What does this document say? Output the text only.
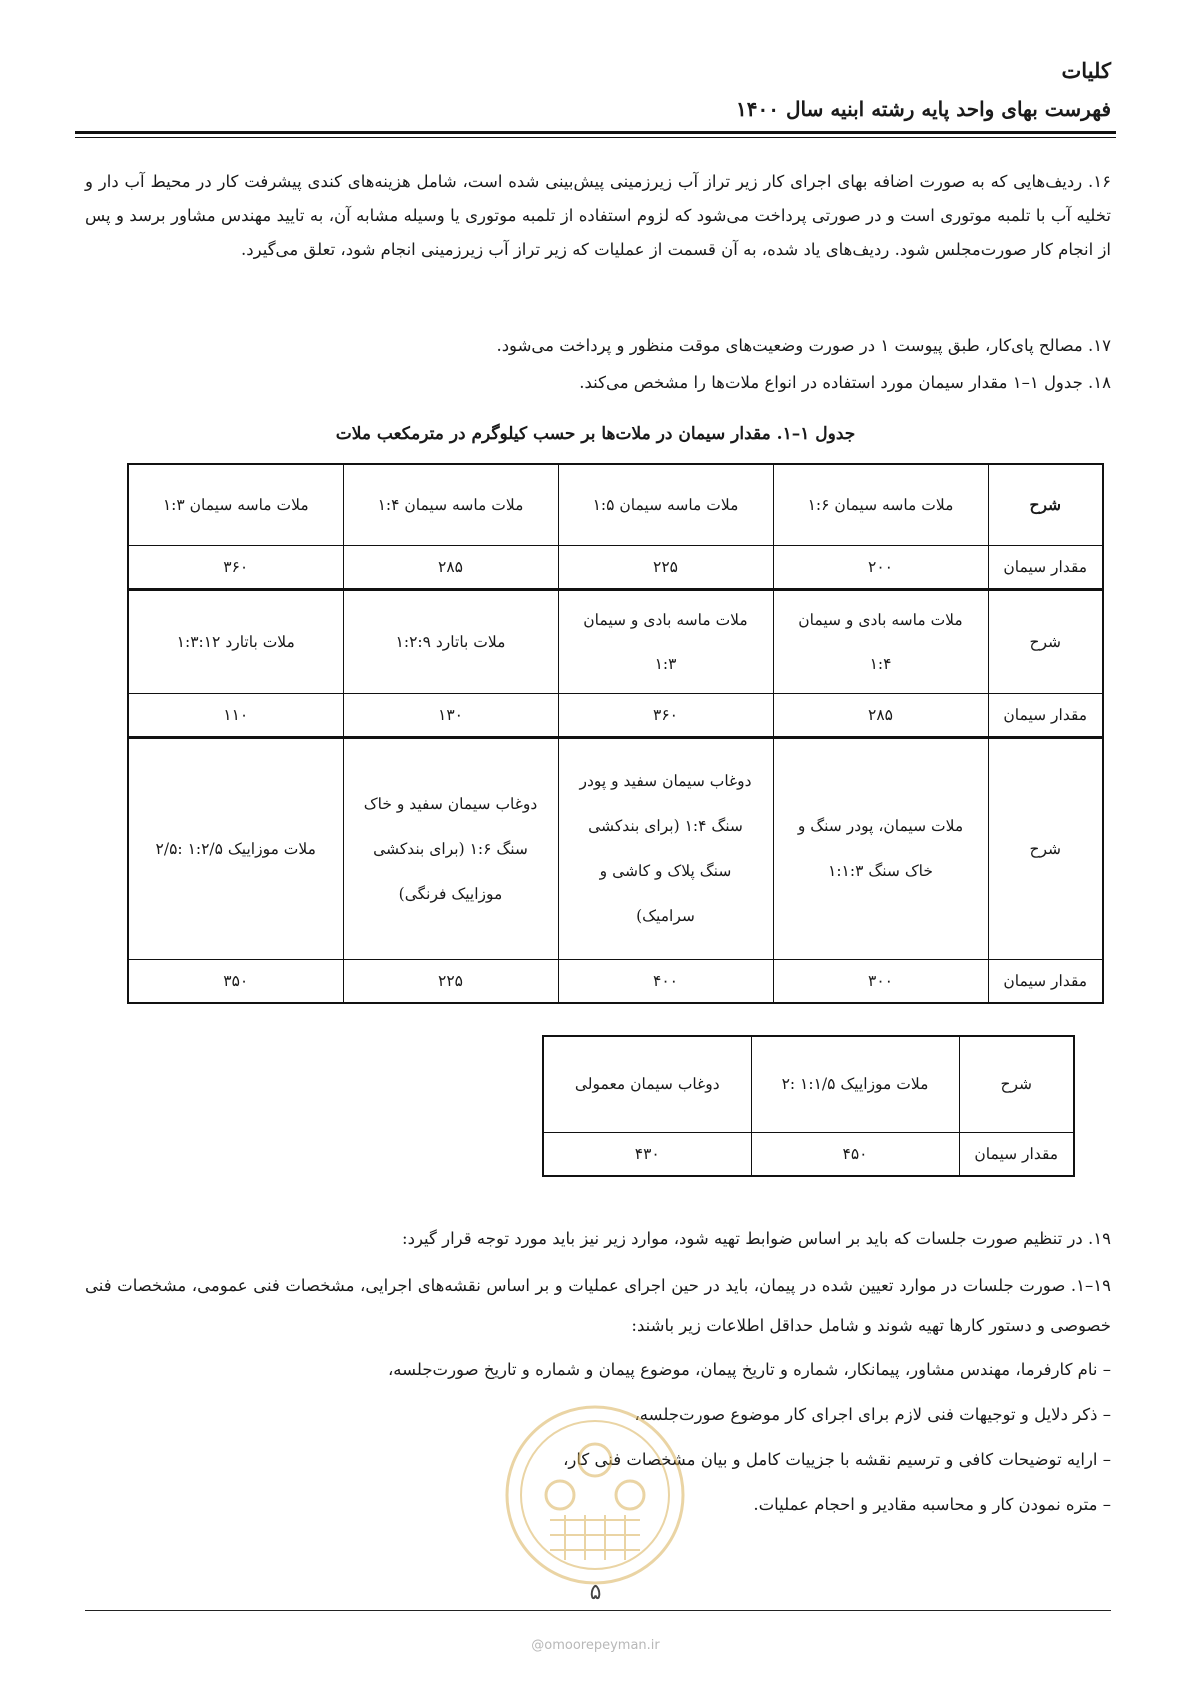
کلیات
فهرست بهای واحد پایه رشته ابنیه سال ۱۴۰۰

۱۶. ردیف‌هایی که به صورت اضافه بهای اجرای کار زیر تراز آب زیرزمینی پیش‌بینی شده است، شامل هزینه‌های کندی پیشرفت کار در محیط آب دار و تخلیه آب با تلمبه موتوری است و در صورتی پرداخت می‌شود که لزوم استفاده از تلمبه موتوری یا وسیله مشابه آن، به تایید مهندس مشاور برسد و پس از انجام کار صورت‌مجلس شود. ردیف‌های یاد شده، به آن قسمت از عملیات که زیر تراز آب زیرزمینی انجام شود، تعلق می‌گیرد.

۱۷. مصالح پای‌کار، طبق پیوست ۱ در صورت وضعیت‌های موقت منظور و پرداخت می‌شود.

۱۸. جدول ۱–۱ مقدار سیمان مورد استفاده در انواع ملات‌ها را مشخص می‌کند.

جدول ۱–۱. مقدار سیمان در ملات‌ها بر حسب کیلوگرم در مترمکعب ملات
شرح	ملات ماسه سیمان ۱:۶	ملات ماسه سیمان ۱:۵	ملات ماسه سیمان ۱:۴	ملات ماسه سیمان ۱:۳
مقدار سیمان	۲۰۰	۲۲۵	۲۸۵	۳۶۰
شرح	ملات ماسه بادی و سیمان ۱:۴	ملات ماسه بادی و سیمان ۱:۳	ملات باتارد ۱:۲:۹	ملات باتارد ۱:۳:۱۲
مقدار سیمان	۲۸۵	۳۶۰	۱۳۰	۱۱۰
شرح	ملات سیمان، پودر سنگ و خاک سنگ ۱:۱:۳	دوغاب سیمان سفید و پودر سنگ ۱:۴ (برای بندکشی سنگ پلاک و کاشی و سرامیک)	دوغاب سیمان سفید و خاک سنگ ۱:۶ (برای بندکشی موزاییک فرنگی)	ملات موزاییک ۱:۲/۵ :۲/۵
مقدار سیمان	۳۰۰	۴۰۰	۲۲۵	۳۵۰
شرح	ملات موزاییک ۱:۱/۵ :۲	دوغاب سیمان معمولی
مقدار سیمان	۴۵۰	۴۳۰
۱۹. در تنظیم صورت جلسات که باید بر اساس ضوابط تهیه شود، موارد زیر نیز باید مورد توجه قرار گیرد:
۱۹–۱. صورت جلسات در موارد تعیین شده در پیمان، باید در حین اجرای عملیات و بر اساس نقشه‌های اجرایی، مشخصات فنی عمومی، مشخصات فنی خصوصی و دستور کارها تهیه شوند و شامل حداقل اطلاعات زیر باشند:
– نام کارفرما، مهندس مشاور، پیمانکار، شماره و تاریخ پیمان، موضوع پیمان و شماره و تاریخ صورت‌جلسه،
– ذکر دلایل و توجیهات فنی لازم برای اجرای کار موضوع صورت‌جلسه،
– ارایه توضیحات کافی و ترسیم نقشه با جزییات کامل و بیان مشخصات فنی کار،
– متره نمودن کار و محاسبه مقادیر و احجام عملیات.
۵
@omoorepeyman.ir
